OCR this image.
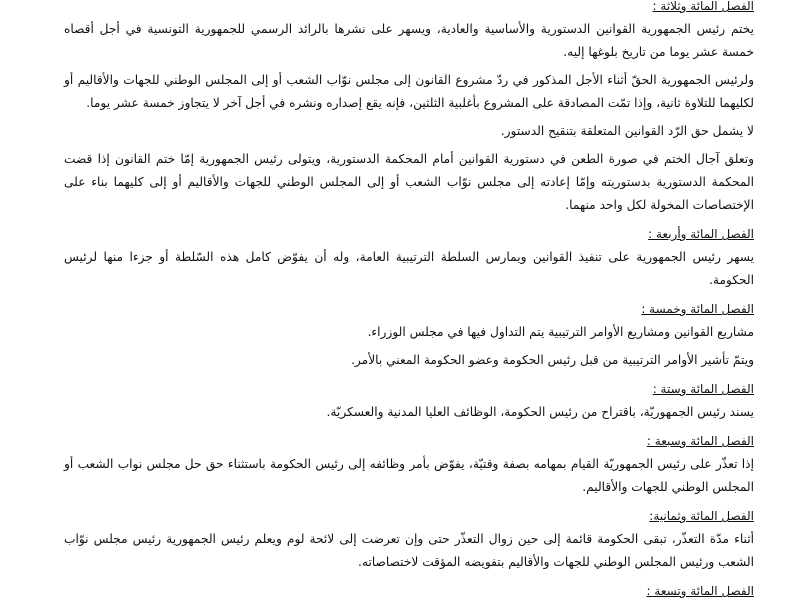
الفصل المائة وثلاثة :

يختم رئيس الجمهورية القوانين الدستورية والأساسية والعادية، ويسهر على نشرها بالرائد الرسمي للجمهورية التونسية في أجل أقصاه خمسة عشر يوما من تاريخ بلوغها إليه.

ولرئيس الجمهورية الحقّ أثناء الأجل المذكور في ردّ مشروع القانون إلى مجلس نوّاب الشعب أو إلى المجلس الوطني للجهات والأقاليم أو لكليهما للتلاوة ثانية، وإذا تمّت المصادقة على المشروع بأغلبية الثلثين، فإنه يقع إصداره ونشره في أجل آخر لا يتجاوز خمسة عشر يوما.

لا يشمل حق الرّد القوانين المتعلقة بتنقيح الدستور.

وتعلق آجال الختم في صورة الطعن في دستورية القوانين أمام المحكمة الدستورية، ويتولى رئيس الجمهورية إمّا ختم القانون إذا قضت المحكمة الدستورية بدستوريته وإمّا إعادته إلى مجلس نوّاب الشعب أو إلى المجلس الوطني للجهات والأقاليم أو إلى كليهما بناء على الإختصاصات المخولة لكل واحد منهما.

الفصل المائة وأربعة :

يسهر رئيس الجمهورية على تنفيذ القوانين ويمارس السلطة الترتيبية العامة، وله أن يفوّض كامل هذه السّلطة أو جزءا منها لرئيس الحكومة.

الفصل المائة وخمسة :

مشاريع القوانين ومشاريع الأوامر الترتيبية يتم التداول فيها في مجلس الوزراء.

ويتمّ تأشير الأوامر الترتيبية من قبل رئيس الحكومة وعضو الحكومة المعني بالأمر.

الفصل المائة وستة :

يسند رئيس الجمهوريّة، باقتراح من رئيس الحكومة، الوظائف العليا المدنية والعسكريّة.

الفصل المائة وسبعة :

إذا تعذّر على رئيس الجمهوريّة القيام بمهامه بصفة وقتيّة، يفوّض بأمر وظائفه إلى رئيس الحكومة باستثناء حق حل مجلس نواب الشعب أو المجلس الوطني للجهات والأقاليم.

الفصل المائة وثمانية:

أثناء مدّة التعذّر، تبقى الحكومة قائمة إلى حين زوال التعذّر حتى وإن تعرضت إلى لائحة لوم ويعلم رئيس الجمهورية رئيس مجلس نوّاب الشعب ورئيس المجلس الوطني للجهات والأقاليم بتفويضه المؤقت لاختصاصاته.

الفصل المائة وتسعة :
